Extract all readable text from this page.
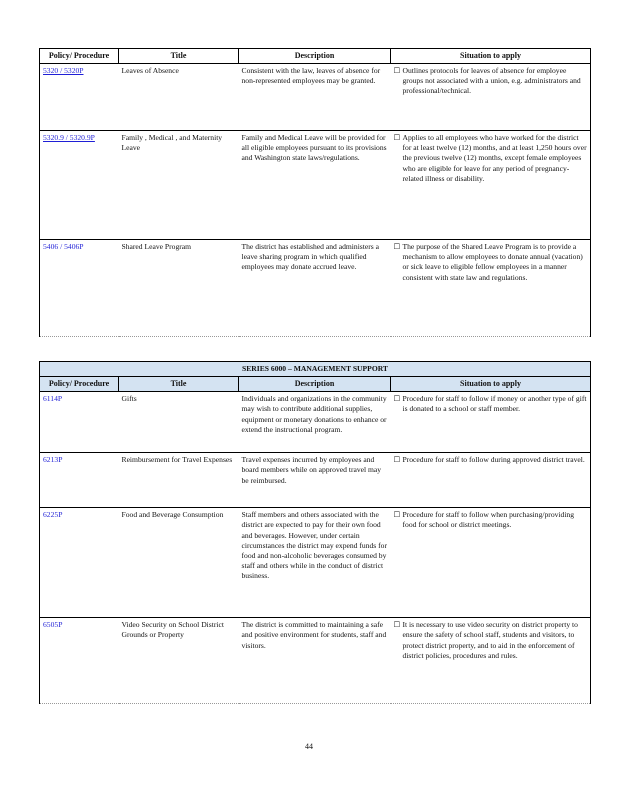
Policy/ Procedure	Title	Description	Situation to apply
5320 / 5320P	Leaves of Absence	Consistent with the law, leaves of absence for non-represented employees may be granted.	☐ Outlines protocols for leaves of absence for employee groups not associated with a union, e.g. administrators and professional/technical.

5320.9 / 5320.9P	Family , Medical , and Maternity Leave	Family and Medical Leave will be provided for all eligible employees pursuant to its provisions and Washington state laws/regulations.	☐ Applies to all employees who have worked for the district for at least twelve (12) months, and at least 1,250 hours over the previous twelve (12) months, except female employees who are eligible for leave for any period of pregnancy-related illness or disability.

5406 / 5406P	Shared Leave Program	The district has established and administers a leave sharing program in which qualified employees may donate accrued leave.	☐ The purpose of the Shared Leave Program is to provide a mechanism to allow employees to donate annual (vacation) or sick leave to eligible fellow employees in a manner consistent with state law and regulations.
SERIES 6000 – MANAGEMENT SUPPORT			
Policy/ Procedure	Title	Description	Situation to apply
6114P	Gifts	Individuals and organizations in the community may wish to contribute additional supplies, equipment or monetary donations to enhance or extend the instructional program.	☐ Procedure for staff to follow if money or another type of gift is donated to a school or staff member.

6213P	Reimbursement for Travel Expenses	Travel expenses incurred by employees and board members while on approved travel may be reimbursed.	☐ Procedure for staff to follow during approved district travel.

6225P	Food and Beverage Consumption	Staff members and others associated with the district are expected to pay for their own food and beverages. However, under certain circumstances the district may expend funds for food and non-alcoholic beverages consumed by staff and others while in the conduct of district business.	☐ Procedure for staff to follow when purchasing/providing food for school or district meetings.

6505P	Video Security on School District Grounds or Property	The district is committed to maintaining a safe and positive environment for students, staff and visitors.	☐ It is necessary to use video security on district property to ensure the safety of school staff, students and visitors, to protect district property, and to aid in the enforcement of district policies, procedures and rules.
44
